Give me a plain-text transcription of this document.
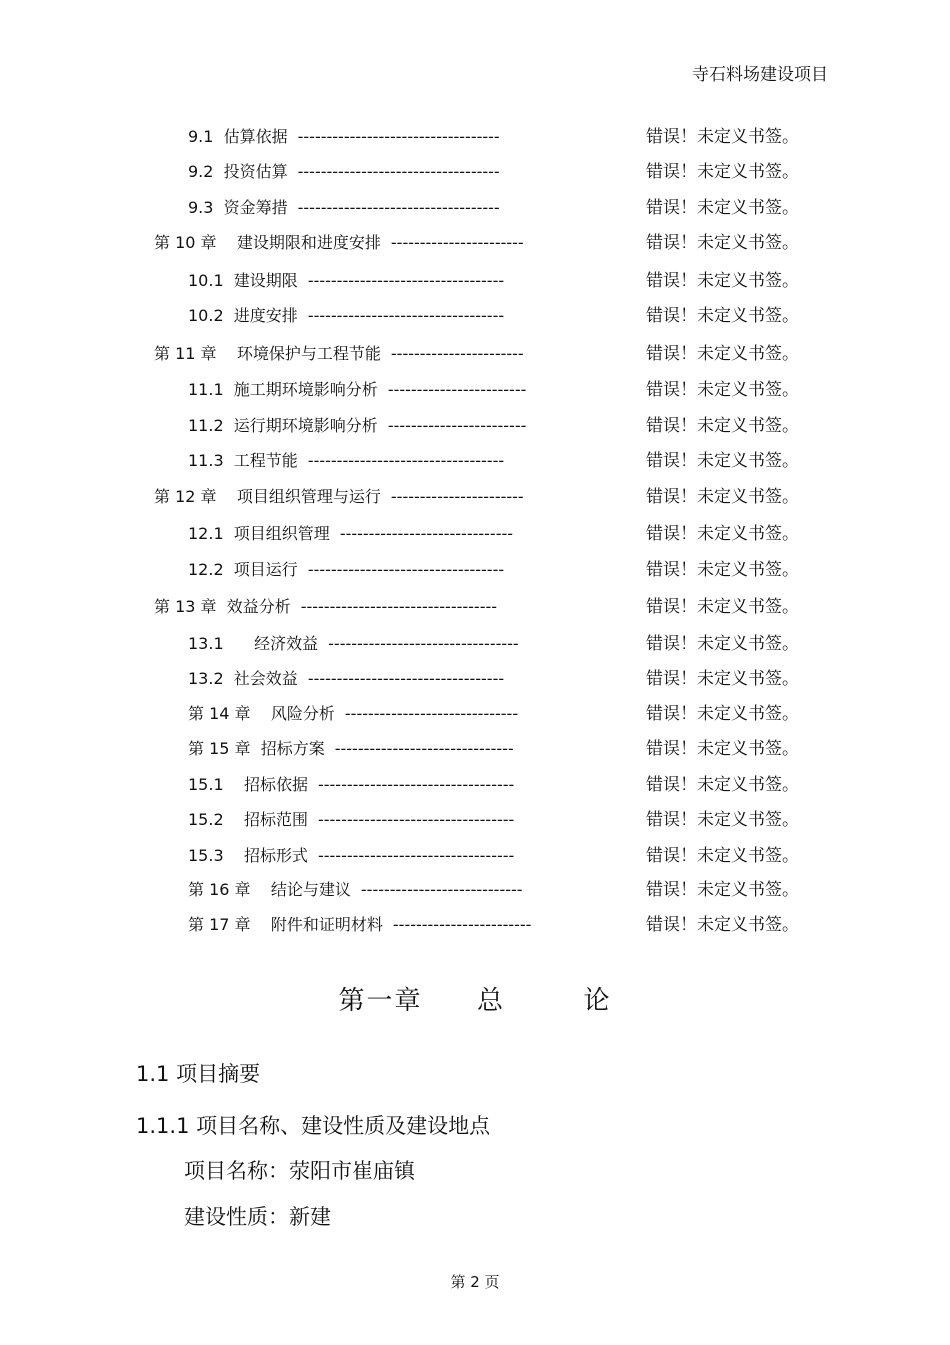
寺石料场建设项目
9.1  估算依据 -----------------------------------	错误！未定义书签。
9.2  投资估算 -----------------------------------	错误！未定义书签。
9.3  资金筹措 -----------------------------------	错误！未定义书签。
第 10 章    建设期限和进度安排 -----------------------	错误！未定义书签。
10.1  建设期限 ----------------------------------	错误！未定义书签。
10.2  进度安排 ----------------------------------	错误！未定义书签。
第 11 章    环境保护与工程节能 -----------------------	错误！未定义书签。
11.1  施工期环境影响分析 ------------------------	错误！未定义书签。
11.2  运行期环境影响分析 ------------------------	错误！未定义书签。
11.3  工程节能 ----------------------------------	错误！未定义书签。
第 12 章    项目组织管理与运行 -----------------------	错误！未定义书签。
12.1  项目组织管理 ------------------------------	错误！未定义书签。
12.2  项目运行 ----------------------------------	错误！未定义书签。
第 13 章  效益分析 ----------------------------------	错误！未定义书签。
13.1      经济效益 ---------------------------------	错误！未定义书签。
13.2  社会效益 ----------------------------------	错误！未定义书签。
第 14 章    风险分析 ------------------------------	错误！未定义书签。
第 15 章  招标方案 -------------------------------	错误！未定义书签。
15.1    招标依据 ----------------------------------	错误！未定义书签。
15.2    招标范围 ----------------------------------	错误！未定义书签。
15.3    招标形式 ----------------------------------	错误！未定义书签。
第 16 章    结论与建议 ----------------------------	错误！未定义书签。
第 17 章    附件和证明材料 ------------------------	错误！未定义书签。
第一章 总	论
1.1 项目摘要
1.1.1 项目名称、建设性质及建设地点
项目名称：荥阳市崔庙镇
建设性质：新建
第 2 页
